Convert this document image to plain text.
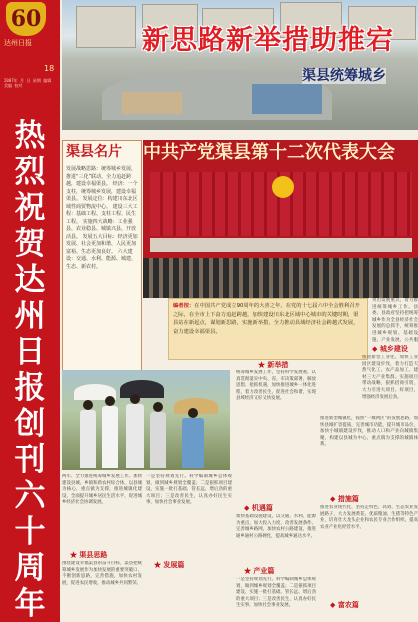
60
达州日报
18
2007年 月 日 星期 编辑 美编 校对
热烈祝贺达州日报创刊六十周年
新思路新举措助推宕
渠县统筹城乡
渠县名片
发展战略思路：统筹城乡发展，推进“三化”联动，全力追赶跨越，建设幸福渠县。 经济：一个支柱，统筹城乡发展，建设幸福渠县。 发展定位：构建川东北区域性商贸物流中心。 建设三大工程：基础工程、支柱工程、民生工程。 实施四大战略：工业强县、农业稳县、城镇兴县、开放活县。 发展五大目标：经济更加发展、社会更加和谐、人民更加富裕、生态更加良好。 六大建设：交通、水利、能源、城建、生态、新农村。
中共产党渠县第十二次代表大会
编者按：在中国共产党成立90周年的大喜之年，在党的十七届六中全会胜利召开之际，在全市上下奋力追赶跨越，加快建设川东北区域中心城市的关键时期，渠县站在新起点，谋划新思路，实施新举措，全力推动县域经济社会跨越式发展，奋力建设幸福渠县。
突出发展重点，着力推进统筹城乡工作。县委、县政府坚持把统筹城乡作为全县经济社会发展的总抓手，统筹推进城乡规划、基础设施、产业发展、公共服
◆ 城乡建设
推进新型工业化，加快工业园区建设步伐，着力打造天然气化工、农产品加工、建材三大产业集群。实施项目带动战略，狠抓招商引资，大力引进大项目、好项目，增强经济发展后劲。
推进新型城镇化，按照“一城两区”的发展思路，加快县城扩容提质，完善城市功能，提升城市品位，加快小城镇建设步伐，推动人口和产业向城镇集聚，构建以县城为中心、重点镇为支撑的城镇体系。
◆ 措施篇
推进农业现代化，坚持走特色、高效、生态农业发展路子，大力发展黄花、优质粮油、生猪等特色产业，培育壮大龙头企业和农民专业合作组织，提高农业产业化经营水平。
◆ 富农篇
★ 新举措
统筹城乡发展工作，坚持科学发展观，认真贯彻落实中央、省、市决策部署，解放思想、抢抓机遇，加快推进城乡一体化进程，着力改善民生，促进社会和谐，实现县域经济又好又快发展。
◆ 机遇篇
加快基础设施建设，以交通、水利、能源为重点，加大投入力度，改善发展条件。完善城乡路网，加快农村公路建设，推进通乡通村公路硬化，提高城乡通达水平。
★ 产业篇
一是坚持规划先行。科学编制城乡总体规划，做到城乡规划全覆盖；二是狠抓项目建设，实施一批打基础、管长远、增后劲的重大项目；三是改善民生，认真办好民生实事，加快社会事业发展。
两年、全力推进统筹城乡发展工作。加快建设县城、乡镇和新农村综合体，以县城为核心，重点镇为支撑，推进城镇化建设，全面提升城乡居民生活水平，促进城乡经济社会协调发展。
★ 渠县思路
围绕建设幸福渠县的奋斗目标，渠县把统筹城乡发展作为加快发展的重要突破口，不断创新思路，完善措施，加快农村发展，促进农民增收，推动城乡共同繁荣。
一是坚持规划先行。科学编制城乡总体规划，做到城乡规划全覆盖；二是狠抓项目建设，实施一批打基础、管长远、增后劲的重大项目；三是改善民生，认真办好民生实事，加快社会事业发展。
★ 发展篇
